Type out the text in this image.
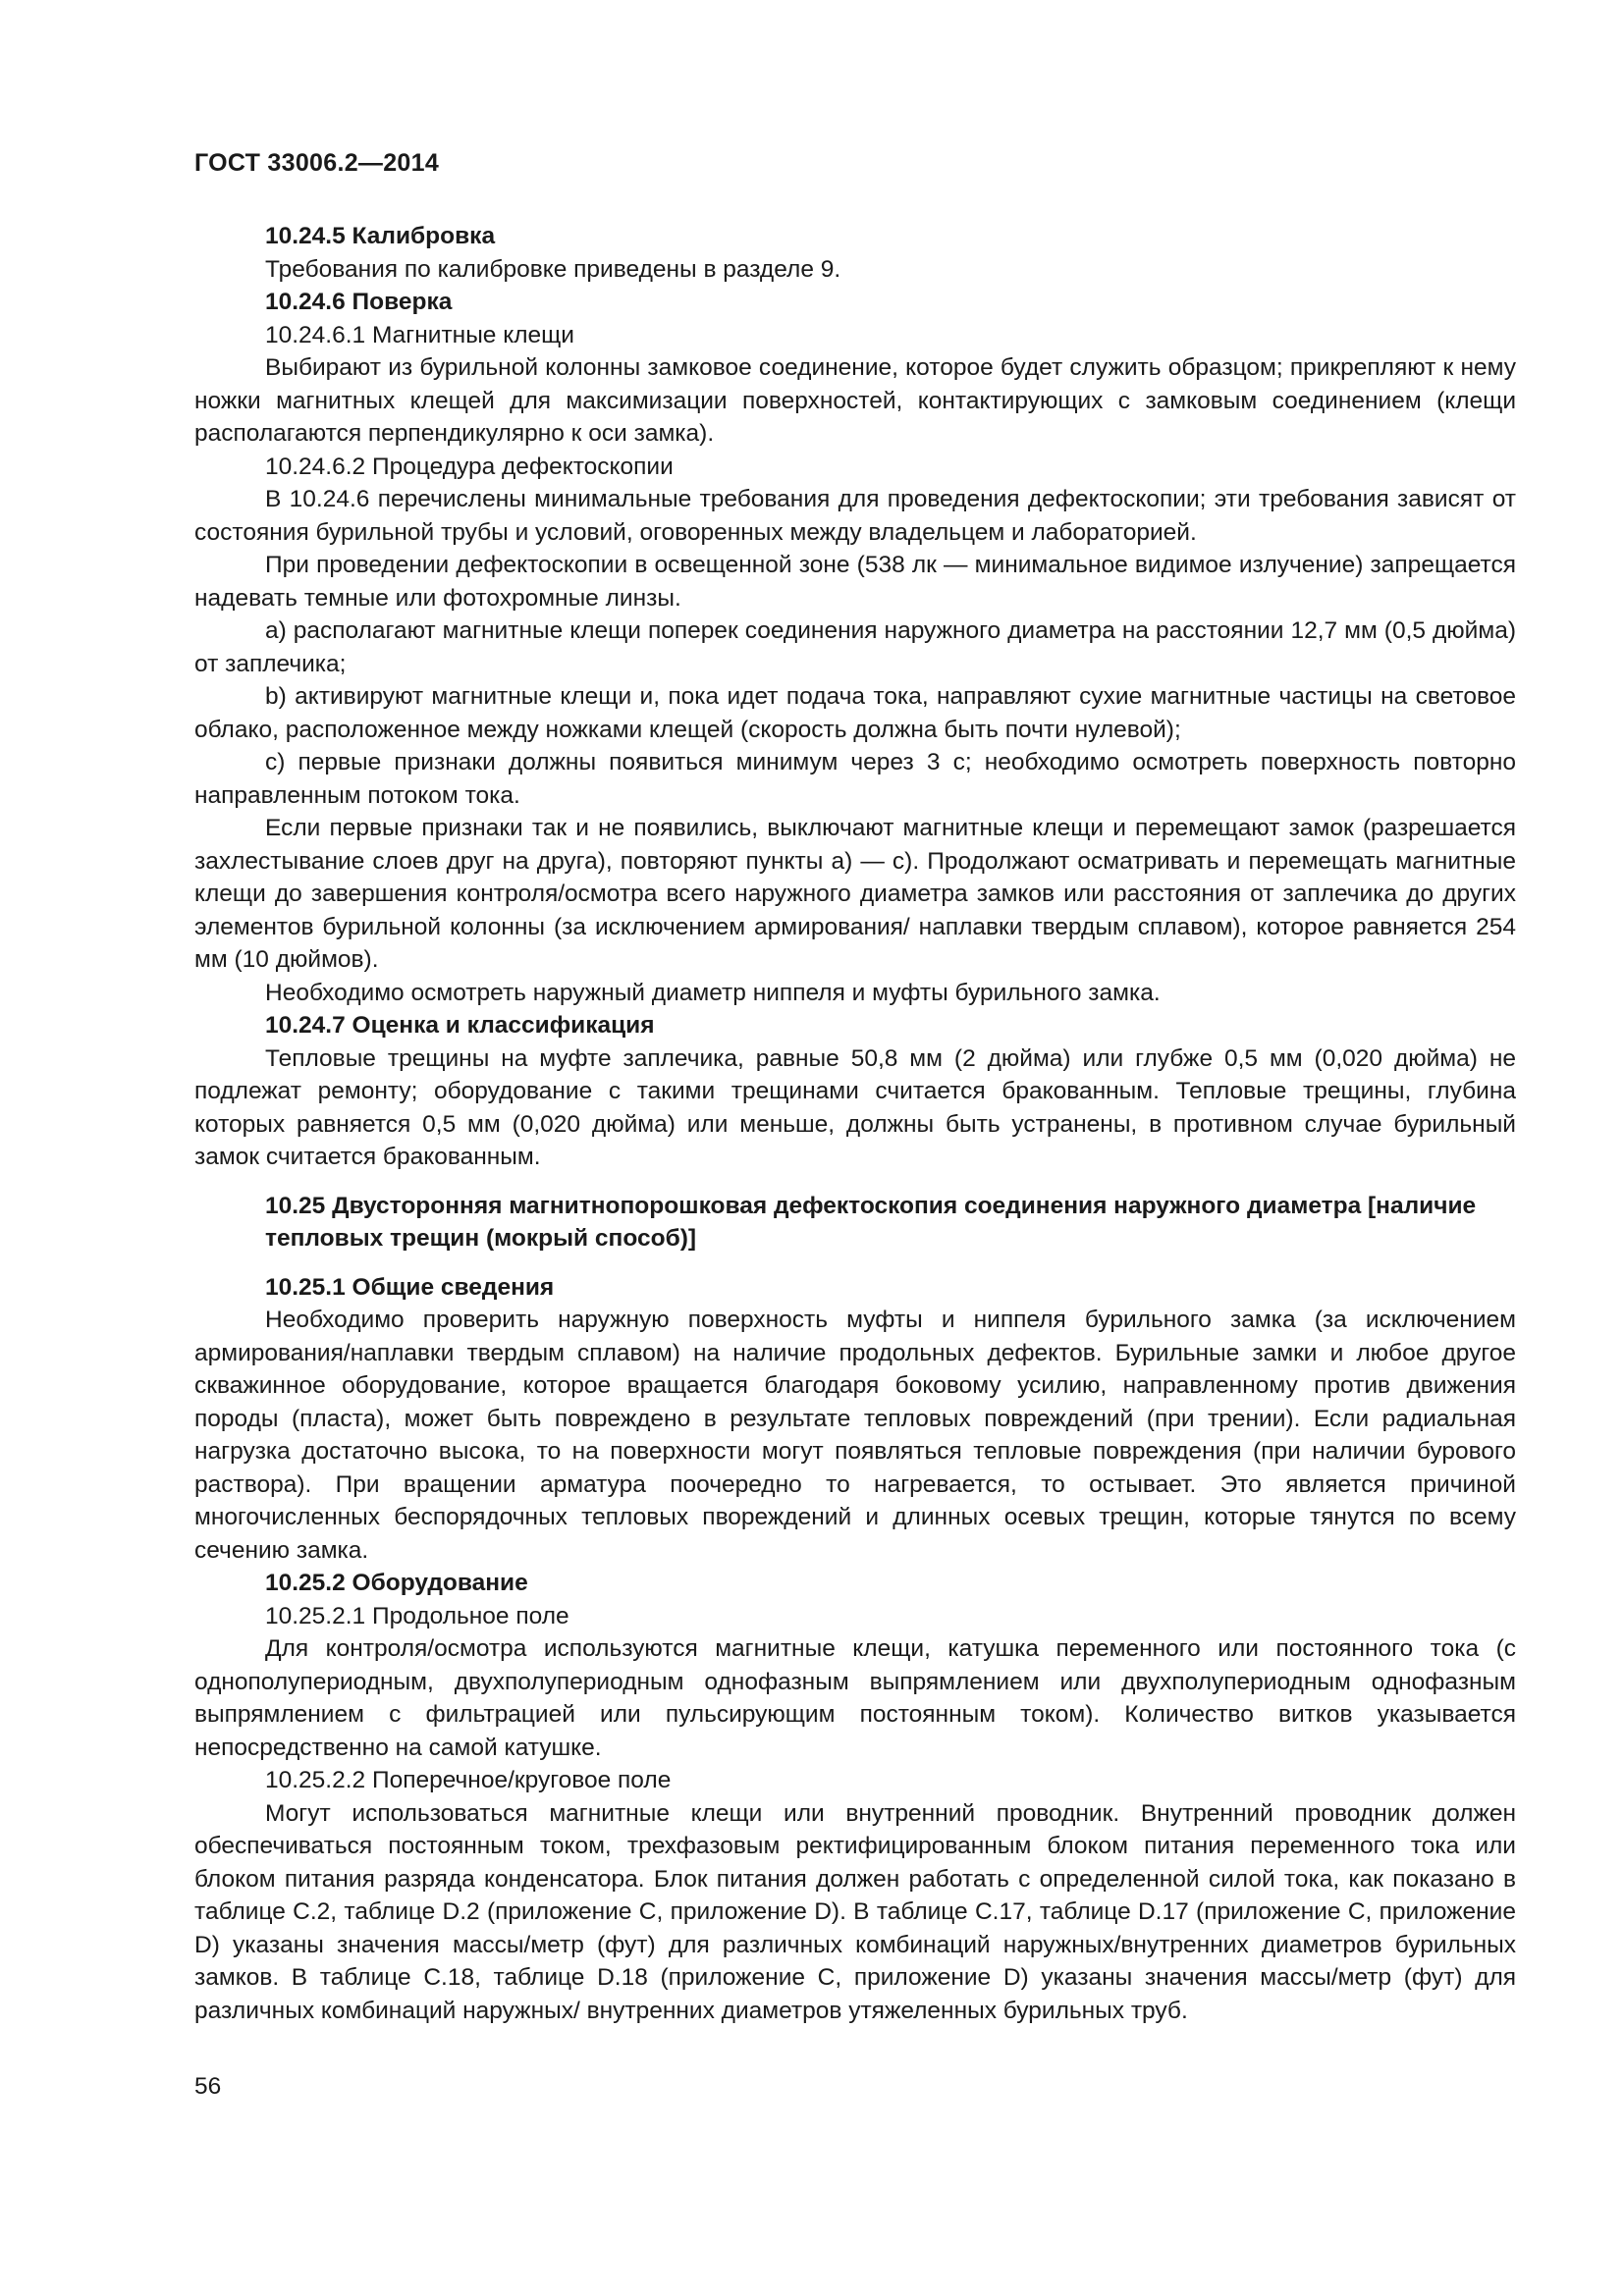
ГОСТ 33006.2—2014

10.24.5 Калибровка

Требования по калибровке приведены в разделе 9.

10.24.6 Поверка

10.24.6.1 Магнитные клещи

Выбирают из бурильной колонны замковое соединение, которое будет служить образцом; прикрепляют к нему ножки магнитных клещей для максимизации поверхностей, контактирующих с замковым соединением (клещи располагаются перпендикулярно к оси замка).

10.24.6.2 Процедура дефектоскопии

В 10.24.6 перечислены минимальные требования для проведения дефектоскопии; эти требования зависят от состояния бурильной трубы и условий, оговоренных между владельцем и лабораторией.

При проведении дефектоскопии в освещенной зоне (538 лк — минимальное видимое излучение) запрещается надевать темные или фотохромные линзы.

а) располагают магнитные клещи поперек соединения наружного диаметра на расстоянии 12,7 мм (0,5 дюйма) от заплечика;

b) активируют магнитные клещи и, пока идет подача тока, направляют сухие магнитные частицы на световое облако, расположенное между ножками клещей (скорость должна быть почти нулевой);

c) первые признаки должны появиться минимум через 3 с; необходимо осмотреть поверхность повторно направленным потоком тока.

Если первые признаки так и не появились, выключают магнитные клещи и перемещают замок (разрешается захлестывание слоев друг на друга), повторяют пункты а) — с). Продолжают осматривать и перемещать магнитные клещи до завершения контроля/осмотра всего наружного диаметра замков или расстояния от заплечика до других элементов бурильной колонны (за исключением армирования/ наплавки твердым сплавом), которое равняется 254 мм (10 дюймов).

Необходимо осмотреть наружный диаметр ниппеля и муфты бурильного замка.

10.24.7 Оценка и классификация

Тепловые трещины на муфте заплечика, равные 50,8 мм (2 дюйма) или глубже 0,5 мм (0,020 дюйма) не подлежат ремонту; оборудование с такими трещинами считается бракованным. Тепловые трещины, глубина которых равняется 0,5 мм (0,020 дюйма) или меньше, должны быть устранены, в противном случае бурильный замок считается бракованным.

10.25 Двусторонняя магнитнопорошковая дефектоскопия соединения наружного диаметра [наличие тепловых трещин (мокрый способ)]

10.25.1 Общие сведения

Необходимо проверить наружную поверхность муфты и ниппеля бурильного замка (за исключением армирования/наплавки твердым сплавом) на наличие продольных дефектов. Бурильные замки и любое другое скважинное оборудование, которое вращается благодаря боковому усилию, направленному против движения породы (пласта), может быть повреждено в результате тепловых повреждений (при трении). Если радиальная нагрузка достаточно высока, то на поверхности могут появляться тепловые повреждения (при наличии бурового раствора). При вращении арматура поочередно то нагревается, то остывает. Это является причиной многочисленных беспорядочных тепловых пвореждений и длинных осевых трещин, которые тянутся по всему сечению замка.

10.25.2 Оборудование

10.25.2.1 Продольное поле

Для контроля/осмотра используются магнитные клещи, катушка переменного или постоянного тока (с однополупериодным, двухполупериодным однофазным выпрямлением или двухполупериодным однофазным выпрямлением с фильтрацией или пульсирующим постоянным током). Количество витков указывается непосредственно на самой катушке.

10.25.2.2 Поперечное/круговое поле

Могут использоваться магнитные клещи или внутренний проводник. Внутренний проводник должен обеспечиваться постоянным током, трехфазовым ректифицированным блоком питания переменного тока или блоком питания разряда конденсатора. Блок питания должен работать с определенной силой тока, как показано в таблице С.2, таблице D.2 (приложение С, приложение D). В таблице С.17, таблице D.17 (приложение С, приложение D) указаны значения массы/метр (фут) для различных комбинаций наружных/внутренних диаметров бурильных замков. В таблице С.18, таблице D.18 (приложение С, приложение D) указаны значения массы/метр (фут) для различных комбинаций наружных/ внутренних диаметров утяжеленных бурильных труб.

56
